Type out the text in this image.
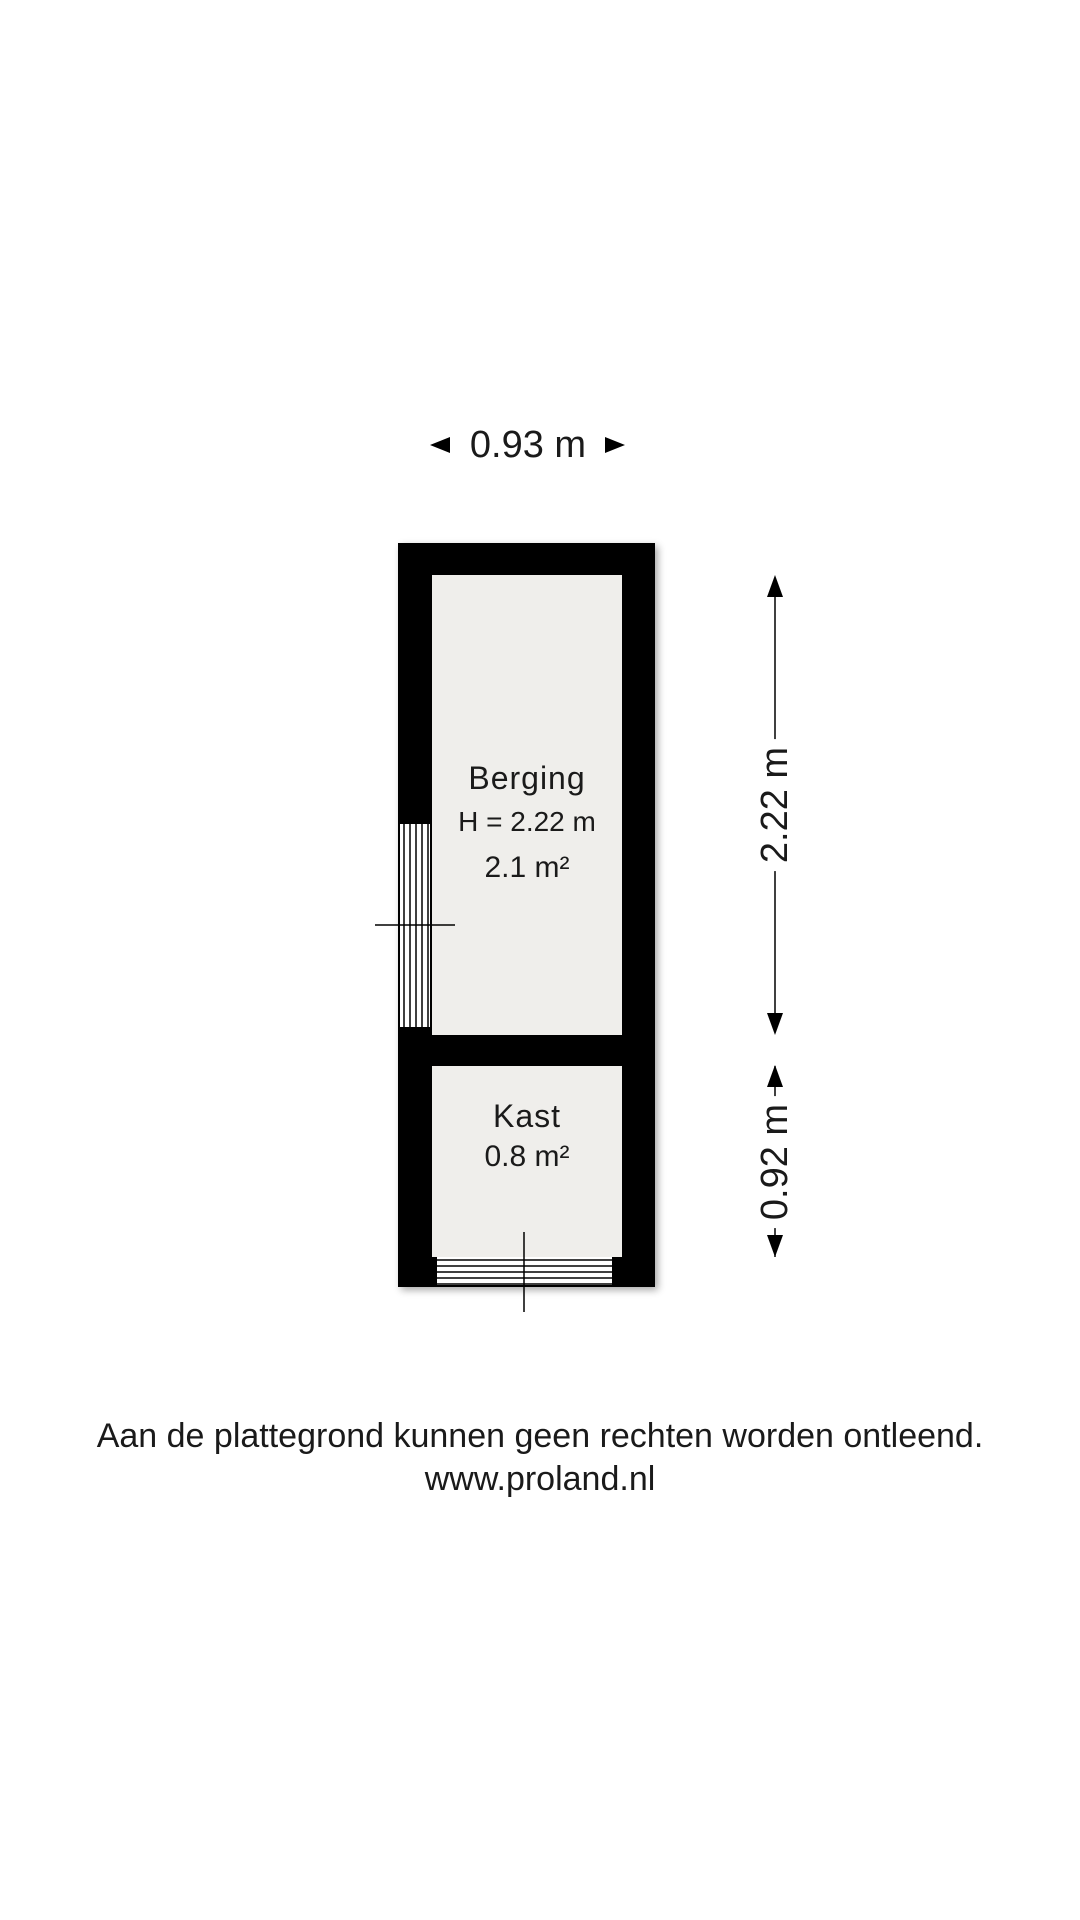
0.93 m
2.22 m
0.92 m
Berging
H = 2.22 m
2.1 m²
Kast
0.8 m²
Aan de plattegrond kunnen geen rechten worden ontleend.
www.proland.nl
